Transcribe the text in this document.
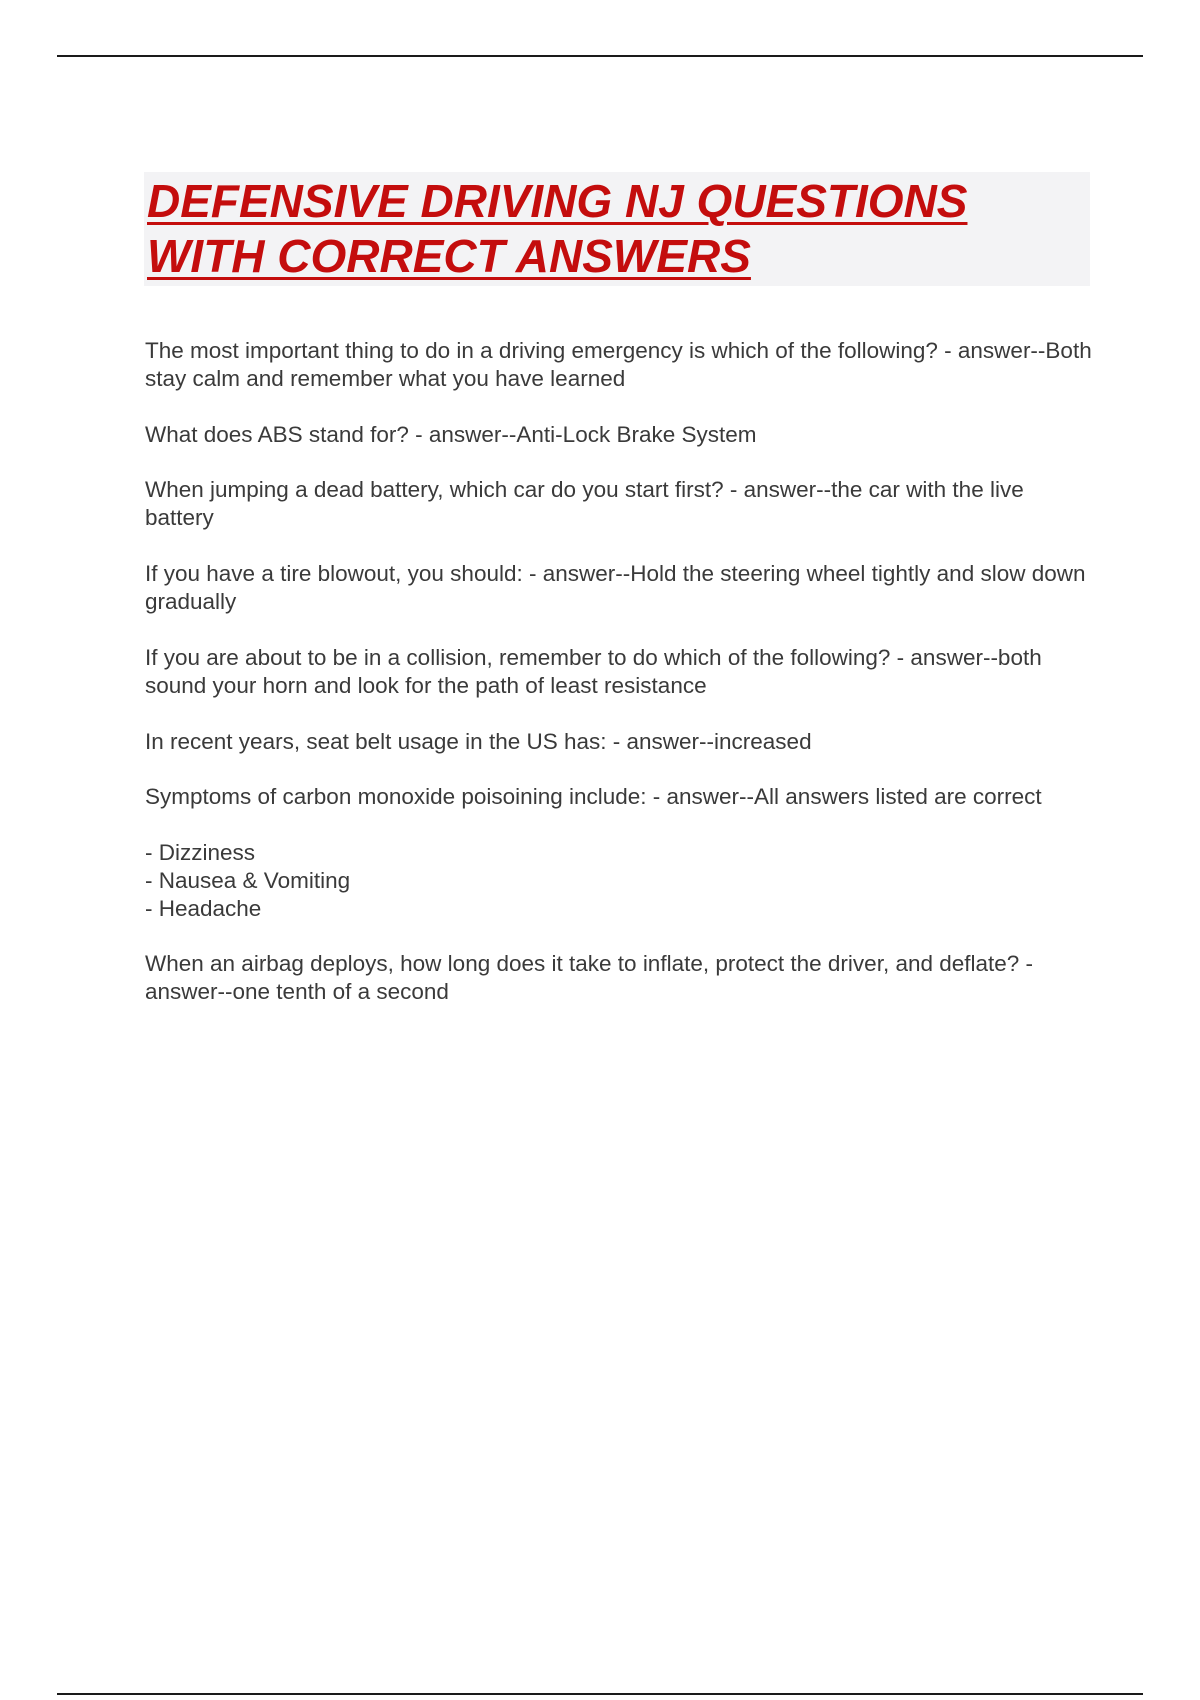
DEFENSIVE DRIVING NJ QUESTIONS WITH CORRECT ANSWERS

The most important thing to do in a driving emergency is which of the following? - answer--Both stay calm and remember what you have learned

What does ABS stand for? - answer--Anti-Lock Brake System

When jumping a dead battery, which car do you start first? - answer--the car with the live battery

If you have a tire blowout, you should: - answer--Hold the steering wheel tightly and slow down gradually

If you are about to be in a collision, remember to do which of the following? - answer--both sound your horn and look for the path of least resistance

In recent years, seat belt usage in the US has: - answer--increased

Symptoms of carbon monoxide poisoining include: - answer--All answers listed are correct

- Dizziness
- Nausea & Vomiting
- Headache

When an airbag deploys, how long does it take to inflate, protect the driver, and deflate? - answer--one tenth of a second
